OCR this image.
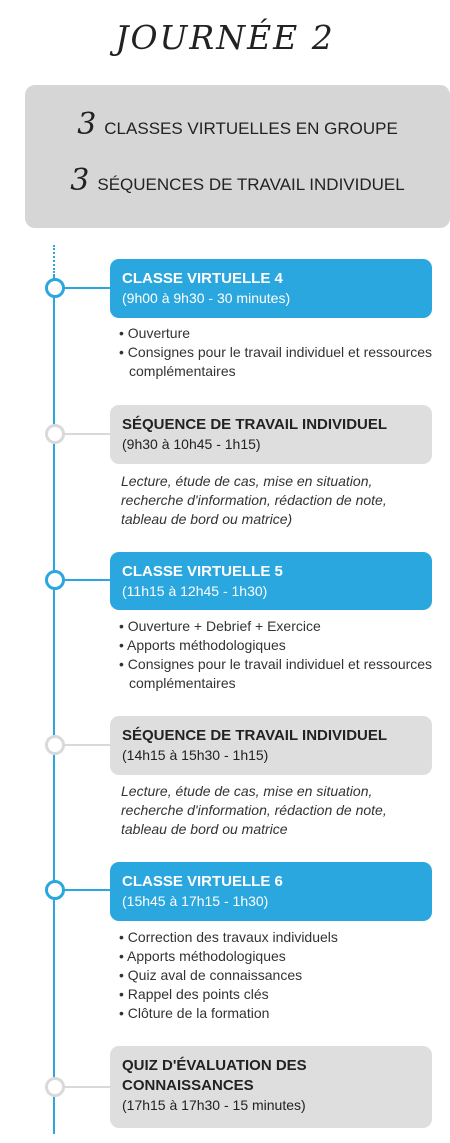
JOURNÉE 2
3 CLASSES VIRTUELLES EN GROUPE
3 SÉQUENCES DE TRAVAIL INDIVIDUEL
CLASSE VIRTUELLE 4
(9h00 à 9h30 - 30 minutes)
• Ouverture
• Consignes pour le travail individuel et ressources complémentaires
SÉQUENCE DE TRAVAIL INDIVIDUEL
(9h30 à 10h45 - 1h15)
Lecture, étude de cas, mise en situation, recherche d'information, rédaction de note, tableau de bord ou matrice)
CLASSE VIRTUELLE 5
(11h15 à 12h45 - 1h30)
• Ouverture + Debrief + Exercice
• Apports méthodologiques
• Consignes pour le travail individuel et ressources complémentaires
SÉQUENCE DE TRAVAIL INDIVIDUEL
(14h15 à 15h30 - 1h15)
Lecture, étude de cas, mise en situation, recherche d'information, rédaction de note, tableau de bord ou matrice
CLASSE VIRTUELLE 6
(15h45 à 17h15 - 1h30)
• Correction des travaux individuels
• Apports méthodologiques
• Quiz aval de connaissances
• Rappel des points clés
• Clôture de la formation
QUIZ D'ÉVALUATION DES CONNAISSANCES
(17h15 à 17h30 - 15 minutes)
